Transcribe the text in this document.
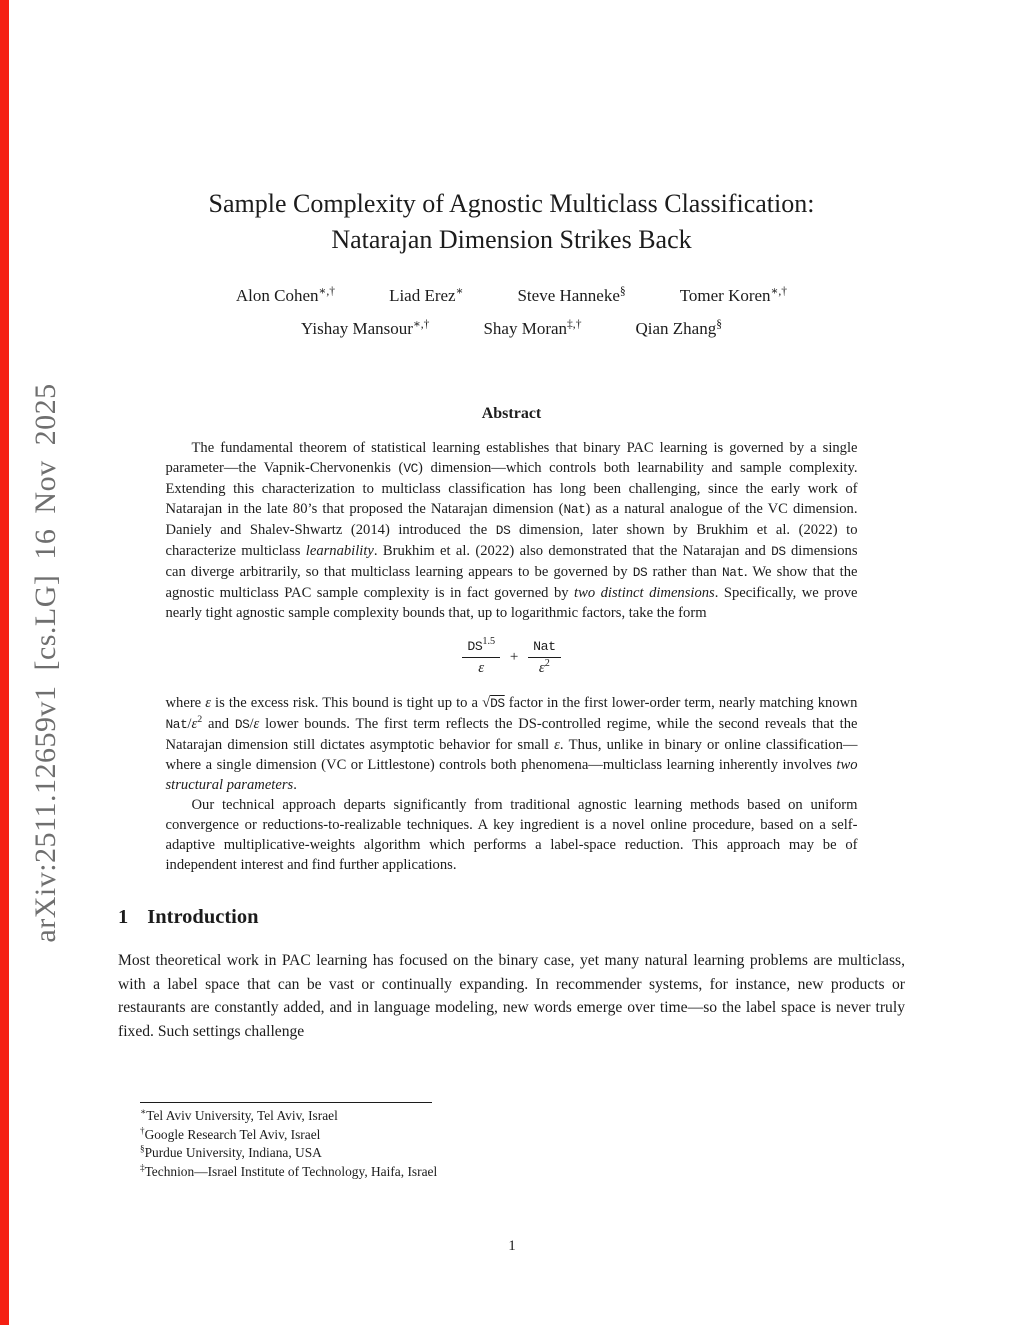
arXiv:2511.12659v1 [cs.LG] 16 Nov 2025
Sample Complexity of Agnostic Multiclass Classification:
Natarajan Dimension Strikes Back
Alon Cohen∗,†	Liad Erez∗	Steve Hanneke§	Tomer Koren∗,†
Yishay Mansour∗,†	Shay Moran‡,†	Qian Zhang§
Abstract

The fundamental theorem of statistical learning establishes that binary PAC learning is governed by a single parameter—the Vapnik-Chervonenkis (VC) dimension—which controls both learnability and sample complexity. Extending this characterization to multiclass classification has long been challenging, since the early work of Natarajan in the late 80’s that proposed the Natarajan dimension (Nat) as a natural analogue of the VC dimension. Daniely and Shalev-Shwartz (2014) introduced the DS dimension, later shown by Brukhim et al. (2022) to characterize multiclass learnability. Brukhim et al. (2022) also demonstrated that the Natarajan and DS dimensions can diverge arbitrarily, so that multiclass learning appears to be governed by DS rather than Nat. We show that the agnostic multiclass PAC sample complexity is in fact governed by two distinct dimensions. Specifically, we prove nearly tight agnostic sample complexity bounds that, up to logarithmic factors, take the form

$\frac{DS^{1.5}}{\varepsilon} + \frac{\text{Nat}}{\varepsilon^2}$

where ε is the excess risk. This bound is tight up to a √DS factor in the first lower-order term, nearly matching known Nat/$\varepsilon^2$ and DS/ε lower bounds. The first term reflects the DS-controlled regime, while the second reveals that the Natarajan dimension still dictates asymptotic behavior for small ε. Thus, unlike in binary or online classification—where a single dimension (VC or Littlestone) controls both phenomena—multiclass learning inherently involves two structural parameters.

Our technical approach departs significantly from traditional agnostic learning methods based on uniform convergence or reductions-to-realizable techniques. A key ingredient is a novel online procedure, based on a self-adaptive multiplicative-weights algorithm which performs a label-space reduction. This approach may be of independent interest and find further applications.

1 Introduction

Most theoretical work in PAC learning has focused on the binary case, yet many natural learning problems are multiclass, with a label space that can be vast or continually expanding. In recommender systems, for instance, new products or restaurants are constantly added, and in language modeling, new words emerge over time—so the label space is never truly fixed. Such settings challenge

∗Tel Aviv University, Tel Aviv, Israel
†Google Research Tel Aviv, Israel
§Purdue University, Indiana, USA
‡Technion—Israel Institute of Technology, Haifa, Israel
1
